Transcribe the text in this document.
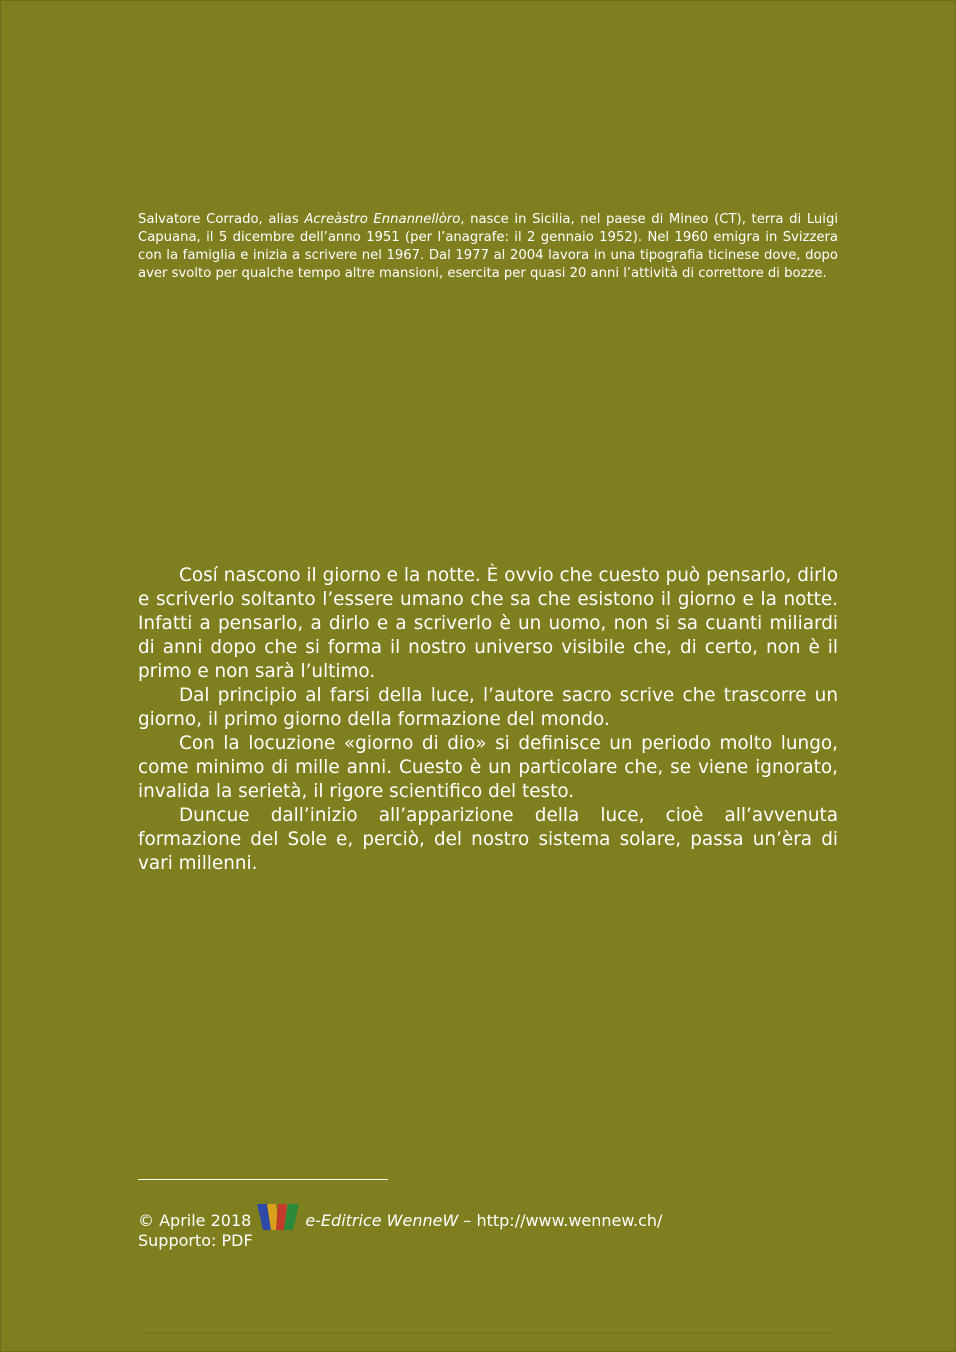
Salvatore Corrado, alias Acreàstro Ennannellòro, nasce in Sicilia, nel paese di Mineo (CT), terra di Luigi Capuana, il 5 dicembre dell’anno 1951 (per l’anagrafe: il 2 gennaio 1952). Nel 1960 emigra in Svizzera con la famiglia e inizia a scrivere nel 1967. Dal 1977 al 2004 lavora in una tipografia ticinese dove, dopo aver svolto per qualche tempo altre mansioni, esercita per quasi 20 anni l’attività di correttore di bozze.

Cosí nascono il giorno e la notte. È ovvio che cuesto può pensarlo, dirlo e scriverlo soltanto l’essere umano che sa che esistono il giorno e la notte. Infatti a pensarlo, a dirlo e a scriverlo è un uomo, non si sa cuanti miliardi di anni dopo che si forma il nostro universo visibile che, di certo, non è il primo e non sarà l’ultimo.

Dal principio al farsi della luce, l’autore sacro scrive che trascorre un giorno, il primo giorno della formazione del mondo.

Con la locuzione «giorno di dio» si definisce un periodo molto lungo, come minimo di mille anni. Cuesto è un particolare che, se viene ignorato, invalida la serietà, il rigore scientifico del testo.

Duncue dall’inizio all’apparizione della luce, cioè all’avvenuta formazione del Sole e, perciò, del nostro sistema solare, passa un’èra di vari millenni.

© Aprile 2018	e-Editrice WenneW – http://www.wennew.ch/
Supporto: PDF
